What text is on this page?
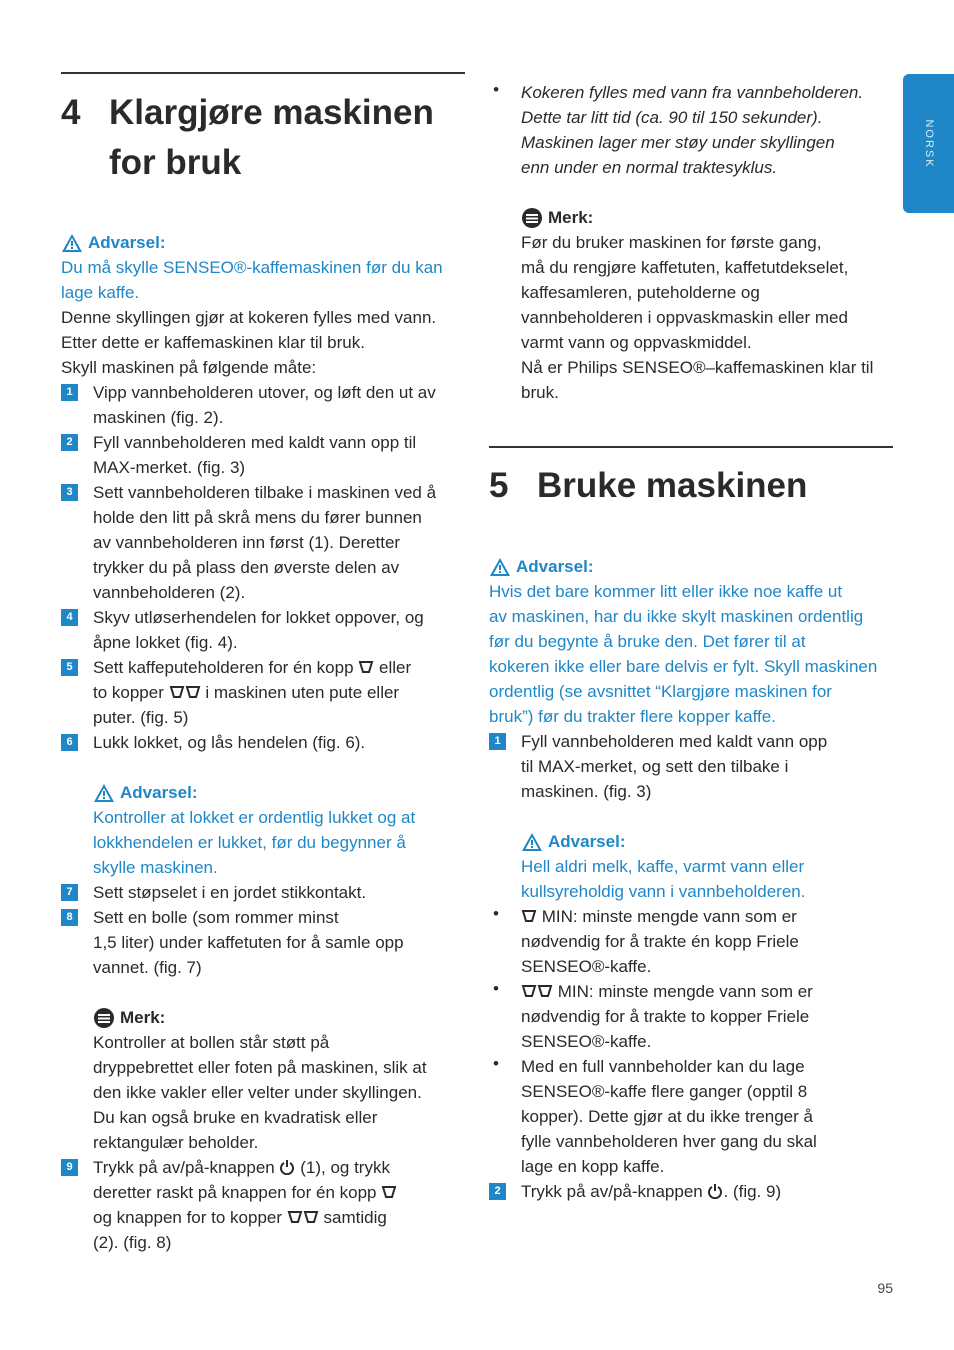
NORSK
4 Klargjøre maskinen
for bruk
Advarsel:
Du må skylle SENSEO®-kaffemaskinen før du kan
lage kaffe.
Denne skyllingen gjør at kokeren fylles med vann.
Etter dette er kaffemaskinen klar til bruk.
Skyll maskinen på følgende måte:
1	Vipp vannbeholderen utover, og løft den ut av
maskinen (fig. 2).
2	Fyll vannbeholderen med kaldt vann opp til
MAX-merket. (fig. 3)
3	Sett vannbeholderen tilbake i maskinen ved å
holde den litt på skrå mens du fører bunnen
av vannbeholderen inn først (1). Deretter
trykker du på plass den øverste delen av
vannbeholderen (2).
4	Skyv utløserhendelen for lokket oppover, og
åpne lokket (fig. 4).
5	Sett kaffeputeholderen for én kopp eller
to kopper i maskinen uten pute eller
puter. (fig. 5)
6	Lukk lokket, og lås hendelen (fig. 6).
Advarsel:
Kontroller at lokket er ordentlig lukket og at
lokkhendelen er lukket, før du begynner å
skylle maskinen.
7	Sett støpselet i en jordet stikkontakt.
8	Sett en bolle (som rommer minst
1,5 liter) under kaffetuten for å samle opp
vannet. (fig. 7)
Merk:
Kontroller at bollen står støtt på
dryppebrettet eller foten på maskinen, slik at
den ikke vakler eller velter under skyllingen.
Du kan også bruke en kvadratisk eller
rektangulær beholder.
9	Trykk på av/på-knappen (1), og trykk
deretter raskt på knappen for én kopp
og knappen for to kopper samtidig
(2). (fig. 8)
• Kokeren fylles med vann fra vannbeholderen.
Dette tar litt tid (ca. 90 til 150 sekunder).
Maskinen lager mer støy under skyllingen
enn under en normal traktesyklus.
Merk:
Før du bruker maskinen for første gang,
må du rengjøre kaffetuten, kaffetutdekselet,
kaffesamleren, puteholderne og
vannbeholderen i oppvaskmaskin eller med
varmt vann og oppvaskmiddel.
Nå er Philips SENSEO®–kaffemaskinen klar til
bruk.
5 Bruke maskinen
Advarsel:
Hvis det bare kommer litt eller ikke noe kaffe ut
av maskinen, har du ikke skylt maskinen ordentlig
før du begynte å bruke den. Det fører til at
kokeren ikke eller bare delvis er fylt. Skyll maskinen
ordentlig (se avsnittet “Klargjøre maskinen for
bruk”) før du trakter flere kopper kaffe.
1	Fyll vannbeholderen med kaldt vann opp
til MAX-merket, og sett den tilbake i
maskinen. (fig. 3)
Advarsel:
Hell aldri melk, kaffe, varmt vann eller
kullsyreholdig vann i vannbeholderen.
•	MIN: minste mengde vann som er
nødvendig for å trakte én kopp Friele
SENSEO®-kaffe.
•	MIN: minste mengde vann som er
nødvendig for å trakte to kopper Friele
SENSEO®-kaffe.
• Med en full vannbeholder kan du lage
SENSEO®-kaffe flere ganger (opptil 8
kopper). Dette gjør at du ikke trenger å
fylle vannbeholderen hver gang du skal
lage en kopp kaffe.
2	Trykk på av/på-knappen . (fig. 9)
95
